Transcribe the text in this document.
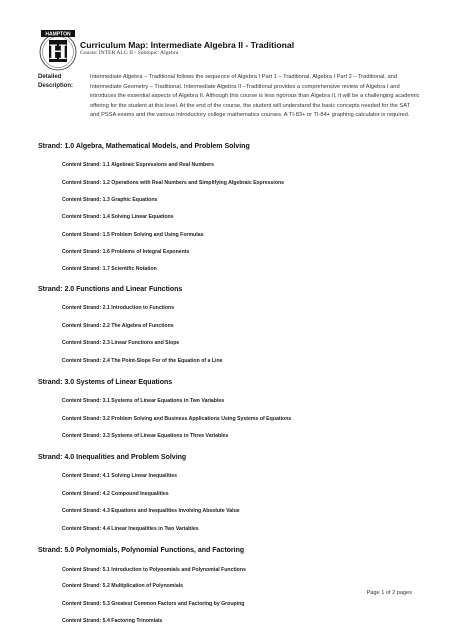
HAMPTON
H Curriculum Map: Intermediate Algebra II - Traditional
Course: INTER ALG II - Subtopic: Algebra
Detailed
Description:
Intermediate Algebra – Traditional follows the sequence of Algebra I Part 1 – Traditional, Algebra I Part 2 – Traditional, and Intermediate Geometry – Traditional. Intermediate Algebra II –Traditional provides a comprehensive review of Algebra I and introduces the essential aspects of Algebra II. Although this course is less rigorous than Algebra II, it will be a challenging academic offering for the student at this level. At the end of the course, the student will understand the basic concepts needed for the SAT and PSSA exams and the various introductory college mathematics courses. A TI-83+ or TI-84+ graphing calculator is required.
Strand: 1.0 Algebra, Mathematical Models, and Problem Solving
Content Strand: 1.1 Algebraic Expressions and Real Numbers
Content Strand: 1.2 Operations with Real Numbers and Simplifying Algebraic Expressions
Content Strand: 1.3 Graphic Equations
Content Strand: 1.4 Solving Linear Equations
Content Strand: 1.5 Problem Solving and Using Formulas
Content Strand: 1.6 Problems of Integral Exponents
Content Strand: 1.7 Scientific Notation
Strand: 2.0 Functions and Linear Functions
Content Strand: 2.1 Introduction to Functions
Content Strand: 2.2 The Algebra of Functions
Content Strand: 2.3 Linear Functions and Slope
Content Strand: 2.4 The Point-Slope For of the Equation of a Line
Strand: 3.0 Systems of Linear Equations
Content Strand: 3.1 Systems of Linear Equations in Two Variables
Content Strand: 3.2 Problem Solving and Business Applications Using Systems of Equations
Content Strand: 3.3 Systems of Linear Equations in Three Variables
Strand: 4.0 Inequalities and Problem Solving
Content Strand: 4.1 Solving Linear Inequalities
Content Strand: 4.2 Compound Inequalities
Content Strand: 4.3 Equations and Inequalities Involving Absolute Value
Content Strand: 4.4 Linear Inequalities in Two Variables
Strand: 5.0 Polynomials, Polynomial Functions, and Factoring
Content Strand: 5.1 Introduction to Polynomials and Polynomial Functions
Content Strand: 5.2 Multiplication of Polynomials
Content Strand: 5.3 Greatest Common Factors and Factoring by Grouping
Content Strand: 5.4 Factoring Trinomials
Page 1 of 2 pages
